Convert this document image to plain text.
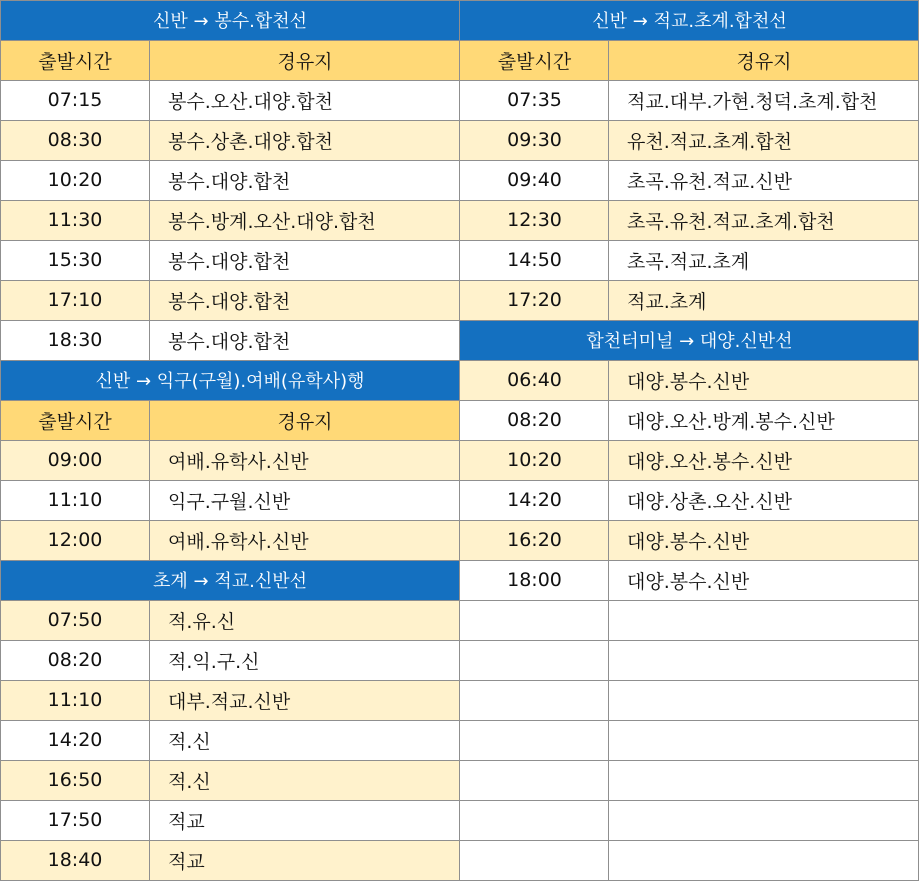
신반 → 봉수.합천선
출발시간	경유지
07:15	봉수.오산.대양.합천
08:30	봉수.상촌.대양.합천
10:20	봉수.대양.합천
11:30	봉수.방계.오산.대양.합천
15:30	봉수.대양.합천
17:10	봉수.대양.합천
18:30	봉수.대양.합천
신반 → 익구(구월).여배(유학사)행
출발시간	경유지
09:00	여배.유학사.신반
11:10	익구.구월.신반
12:00	여배.유학사.신반
초계 → 적교.신반선
07:50	적.유.신
08:20	적.익.구.신
11:10	대부.적교.신반
14:20	적.신
16:50	적.신
17:50	적교
18:40	적교
신반 → 적교.초계.합천선
출발시간	경유지
07:35	적교.대부.가현.청덕.초계.합천
09:30	유천.적교.초계.합천
09:40	초곡.유천.적교.신반
12:30	초곡.유천.적교.초계.합천
14:50	초곡.적교.초계
17:20	적교.초계
합천터미널 → 대양.신반선
06:40	대양.봉수.신반
08:20	대양.오산.방계.봉수.신반
10:20	대양.오산.봉수.신반
14:20	대양.상촌.오산.신반
16:20	대양.봉수.신반
18:00	대양.봉수.신반
